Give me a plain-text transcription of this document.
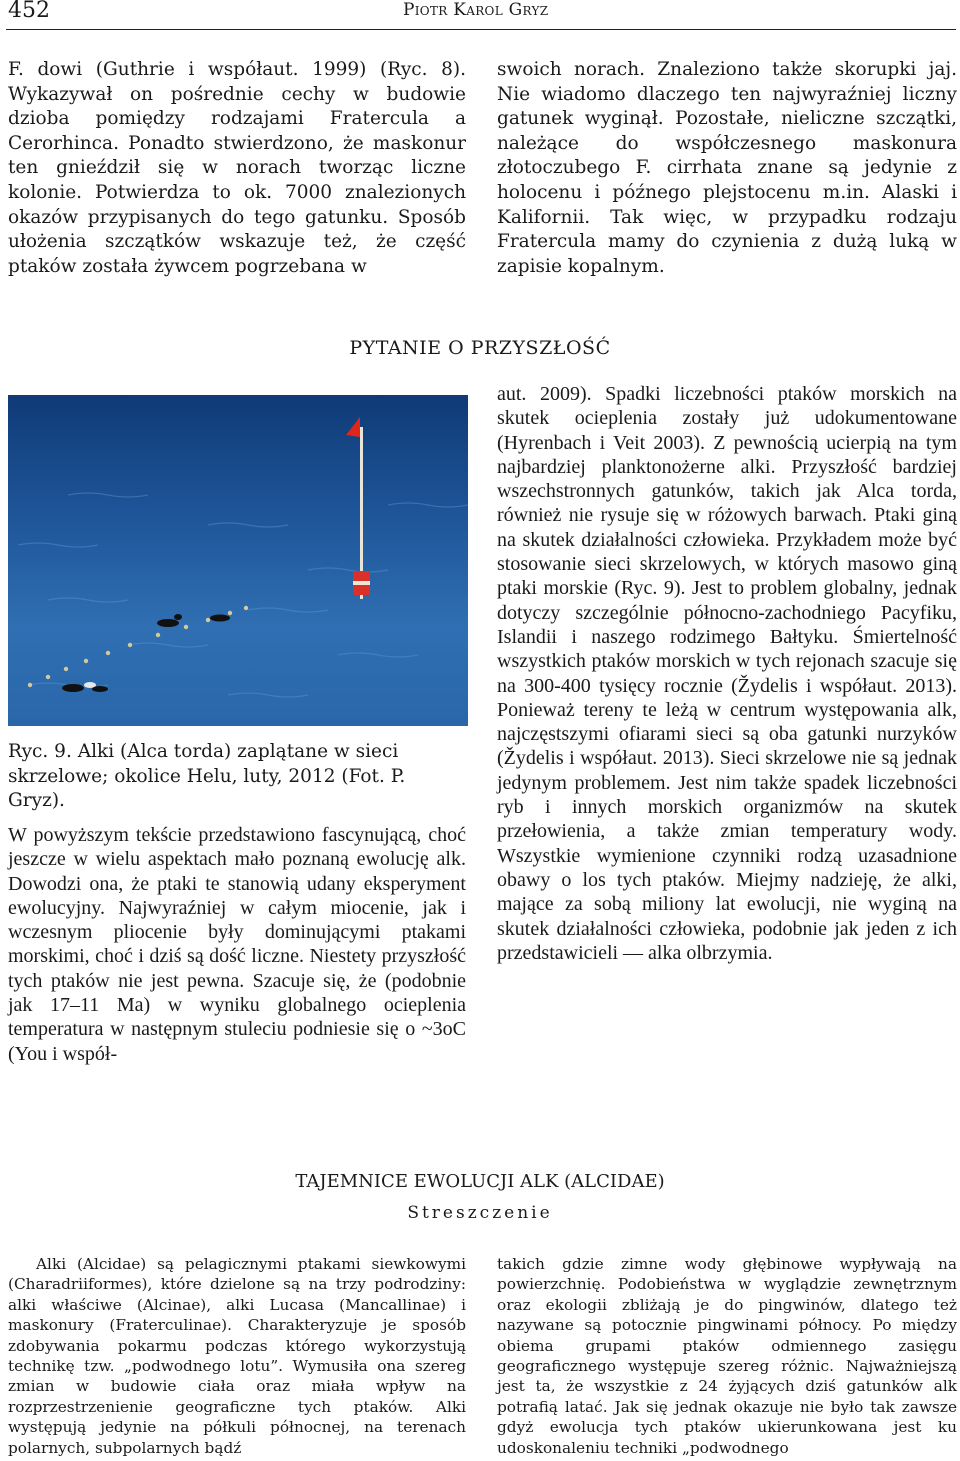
452	Piotr Karol Gryz
F. dowi (Guthrie i współaut. 1999) (Ryc. 8). Wykazywał on pośrednie cechy w budowie dzioba pomiędzy rodzajami Fratercula a Cerorhinca. Ponadto stwierdzono, że maskonur ten gnieździł się w norach tworząc liczne kolonie. Potwierdza to ok. 7000 znalezionych okazów przypisanych do tego gatunku. Sposób ułożenia szczątków wskazuje też, że część ptaków została żywcem pogrzebana w
swoich norach. Znaleziono także skorupki jaj. Nie wiadomo dlaczego ten najwyraźniej liczny gatunek wyginął. Pozostałe, nieliczne szczątki, należące do współczesnego maskonura złotoczubego F. cirrhata znane są jedynie z holocenu i późnego plejstocenu m.in. Alaski i Kalifornii. Tak więc, w przypadku rodzaju Fratercula mamy do czynienia z dużą luką w zapisie kopalnym.
PYTANIE O PRZYSZŁOŚĆ
Ryc. 9. Alki (Alca torda) zaplątane w sieci skrzelowe; okolice Helu, luty, 2012 (Fot. P. Gryz).
W powyższym tekście przedstawiono fascynującą, choć jeszcze w wielu aspektach mało poznaną ewolucję alk. Dowodzi ona, że ptaki te stanowią udany eksperyment ewolucyjny. Najwyraźniej w całym miocenie, jak i wczesnym pliocenie były dominującymi ptakami morskimi, choć i dziś są dość liczne. Niestety przyszłość tych ptaków nie jest pewna. Szacuje się, że (podobnie jak 17–11 Ma) w wyniku globalnego ocieplenia temperatura w następnym stuleciu podniesie się o ~3oC (You i współ-
aut. 2009). Spadki liczebności ptaków morskich na skutek ocieplenia zostały już udokumentowane (Hyrenbach i Veit 2003). Z pewnością ucierpią na tym najbardziej planktonożerne alki. Przyszłość bardziej wszechstronnych gatunków, takich jak Alca torda, również nie rysuje się w różowych barwach. Ptaki giną na skutek działalności człowieka. Przykładem może być stosowanie sieci skrzelowych, w których masowo giną ptaki morskie (Ryc. 9). Jest to problem globalny, jednak dotyczy szczególnie północno-zachodniego Pacyfiku, Islandii i naszego rodzimego Bałtyku. Śmiertelność wszystkich ptaków morskich w tych rejonach szacuje się na 300-400 tysięcy rocznie (Žydelis i współaut. 2013). Ponieważ tereny te leżą w centrum występowania alk, najczęstszymi ofiarami sieci są oba gatunki nurzyków (Žydelis i współaut. 2013). Sieci skrzelowe nie są jednak jedynym problemem. Jest nim także spadek liczebności ryb i innych morskich organizmów na skutek przełowienia, a także zmian temperatury wody. Wszystkie wymienione czynniki rodzą uzasadnione obawy o los tych ptaków. Miejmy nadzieję, że alki, mające za sobą miliony lat ewolucji, nie wyginą na skutek działalności człowieka, podobnie jak jeden z ich przedstawicieli — alka olbrzymia.
TAJEMNICE EWOLUCJI ALK (ALCIDAE)
Streszczenie
Alki (Alcidae) są pelagicznymi ptakami siewkowymi (Charadriiformes), które dzielone są na trzy podrodziny: alki właściwe (Alcinae), alki Lucasa (Mancallinae) i maskonury (Fraterculinae). Charakteryzuje je sposób zdobywania pokarmu podczas którego wykorzystują technikę tzw. „podwodnego lotu”. Wymusiła ona szereg zmian w budowie ciała oraz miała wpływ na rozprzestrzenienie geograficzne tych ptaków. Alki występują jedynie na półkuli północnej, na terenach polarnych, subpolarnych bądź
takich gdzie zimne wody głębinowe wypływają na powierzchnię. Podobieństwa w wyglądzie zewnętrznym oraz ekologii zbliżają je do pingwinów, dlatego też nazywane są potocznie pingwinami północy. Po między obiema grupami ptaków odmiennego zasięgu geograficznego występuje szereg różnic. Najważniejszą jest ta, że wszystkie z 24 żyjących dziś gatunków alk potrafią latać. Jak się jednak okazuje nie było tak zawsze gdyż ewolucja tych ptaków ukierunkowana jest ku udoskonaleniu techniki „podwodnego
